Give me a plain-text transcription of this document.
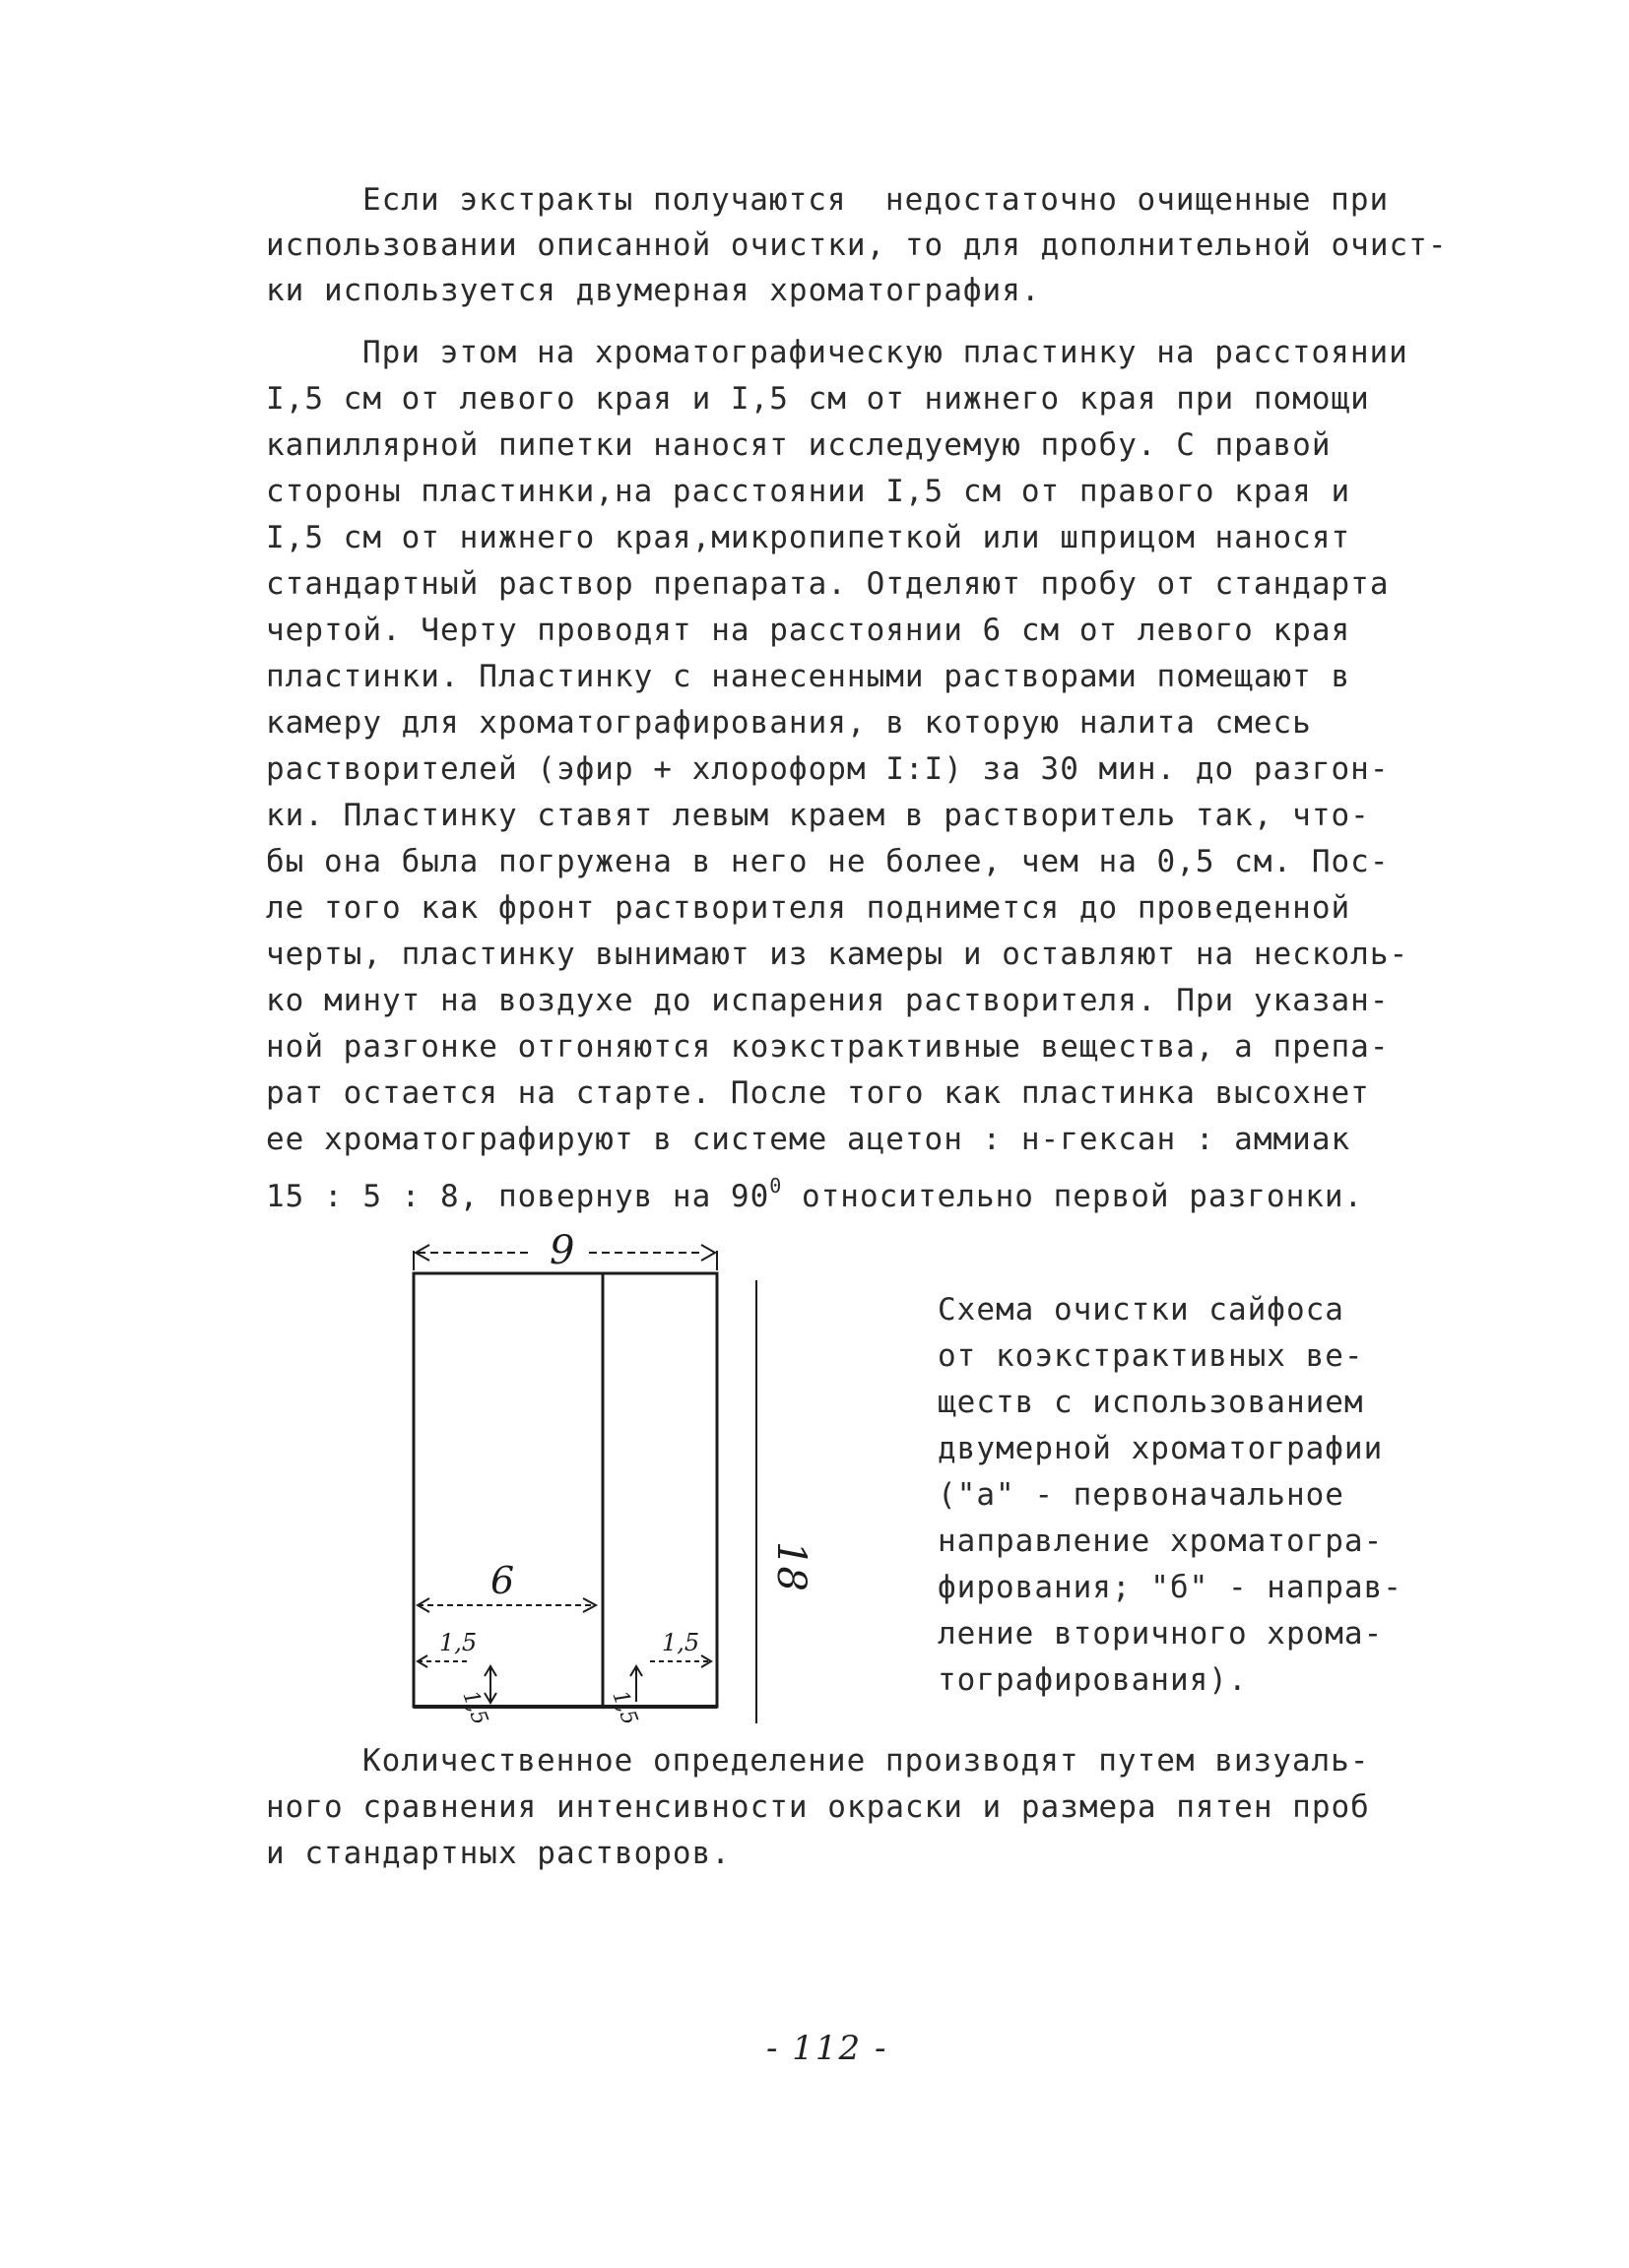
Если экстракты получаются  недостаточно очищенные при
использовании описанной очистки, то для дополнительной очист-
ки используется двумерная хроматография.
При этом на хроматографическую пластинку на расстоянии
I,5 см от левого края и I,5 см от нижнего края при помощи
капиллярной пипетки наносят исследуемую пробу. С правой
стороны пластинки,на расстоянии I,5 см от правого края и
I,5 см от нижнего края,микропипеткой или шприцом наносят
стандартный раствор препарата. Отделяют пробу от стандарта
чертой. Черту проводят на расстоянии 6 см от левого края
пластинки. Пластинку с нанесенными растворами помещают в
камеру для хроматографирования, в которую налита смесь
растворителей (эфир + хлороформ I:I) за 30 мин. до разгон-
ки. Пластинку ставят левым краем в растворитель так, чтo-
бы она была погружена в него не более, чем на 0,5 см. Пос-
ле того как фронт растворителя поднимется до проведенной
черты, пластинку вынимают из камеры и оставляют на несколь-
ко минут на воздухе до испарения растворителя. При указан-
ной разгонке отгоняются коэкстрактивные вещества, а препа-
рат остается на старте. После того как пластинка высохнет
ее хроматографируют в системе ацетон : н-гексан : аммиак
15 : 5 : 8, повернув на $90^0$ относительно первой разгонки.
9
18
6
1,5	1,5
1,5	1,5
Схема очистки сайфоса
от коэкстрактивных ве-
ществ с использованием
двумерной хроматографии
("а" - первоначальное
направление хроматогра-
фирования; "б" - направ-
ление вторичного хрома-
тографирования).
Количественное определение производят путем визуаль-
ного сравнения интенсивности окраски и размера пятен проб
и стандартных растворов.
- 112 -
